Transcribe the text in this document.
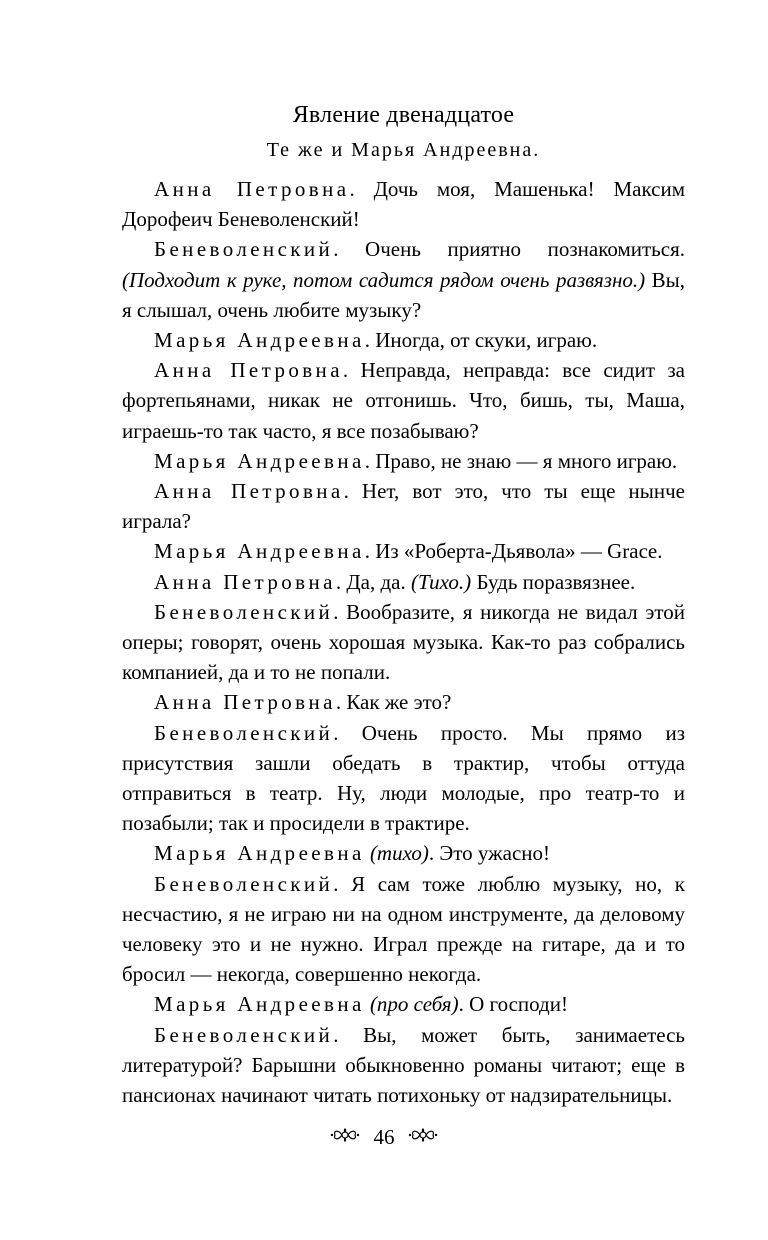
Явление двенадцатое
Те же и Марья Андреевна.

Анна Петровна. Дочь моя, Машенька! Максим Дорофеич Беневоленский!

Беневоленский. Очень приятно познакомиться. (Подходит к руке, потом садится рядом очень развязно.) Вы, я слышал, очень любите музыку?

Марья Андреевна. Иногда, от скуки, играю.

Анна Петровна. Неправда, неправда: все сидит за фортепьянами, никак не отгонишь. Что, бишь, ты, Маша, играешь-то так часто, я все позабываю?

Марья Андреевна. Право, не знаю — я много играю.

Анна Петровна. Нет, вот это, что ты еще нынче играла?

Марья Андреевна. Из «Роберта-Дьявола» — Grace.

Анна Петровна. Да, да. (Тихо.) Будь поразвязнее.

Беневоленский. Вообразите, я никогда не видал этой оперы; говорят, очень хорошая музыка. Как-то раз собрались компанией, да и то не попали.

Анна Петровна. Как же это?

Беневоленский. Очень просто. Мы прямо из присутствия зашли обедать в трактир, чтобы оттуда отправиться в театр. Ну, люди молодые, про театр-то и позабыли; так и просидели в трактире.

Марья Андреевна (тихо). Это ужасно!

Беневоленский. Я сам тоже люблю музыку, но, к несчастию, я не играю ни на одном инструменте, да деловому человеку это и не нужно. Играл прежде на гитаре, да и то бросил — некогда, совершенно некогда.

Марья Андреевна (про себя). О господи!

Беневоленский. Вы, может быть, занимаетесь литературой? Барышни обыкновенно романы читают; еще в пансионах начинают читать потихоньку от надзирательницы.

46
